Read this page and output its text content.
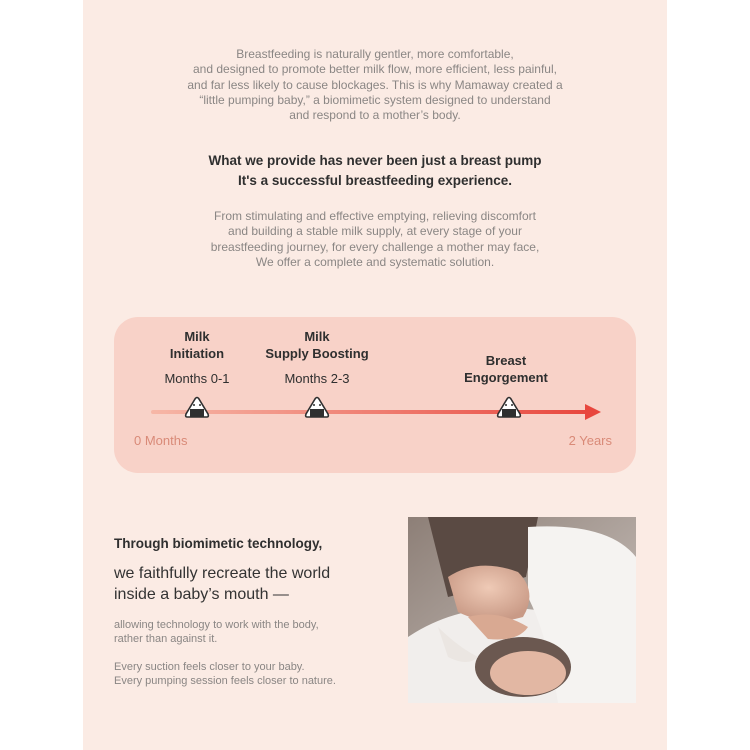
Breastfeeding is naturally gentler, more comfortable,
and designed to promote better milk flow, more efficient, less painful,
and far less likely to cause blockages. This is why Mamaway created a
“little pumping baby,” a biomimetic system designed to understand
and respond to a mother’s body.
What we provide has never been just a breast pump
It's a successful breastfeeding experience.
From stimulating and effective emptying, relieving discomfort
and building a stable milk supply, at every stage of your
breastfeeding journey, for every challenge a mother may face,
We offer a complete and systematic solution.
Milk
Initiation
Months 0-1
Milk
Supply Boosting
Months 2-3
Breast
Engorgement
0 Months	2 Years
Through biomimetic technology,
we faithfully recreate the world
inside a baby’s mouth —
allowing technology to work with the body,
rather than against it.
Every suction feels closer to your baby.
Every pumping session feels closer to nature.
